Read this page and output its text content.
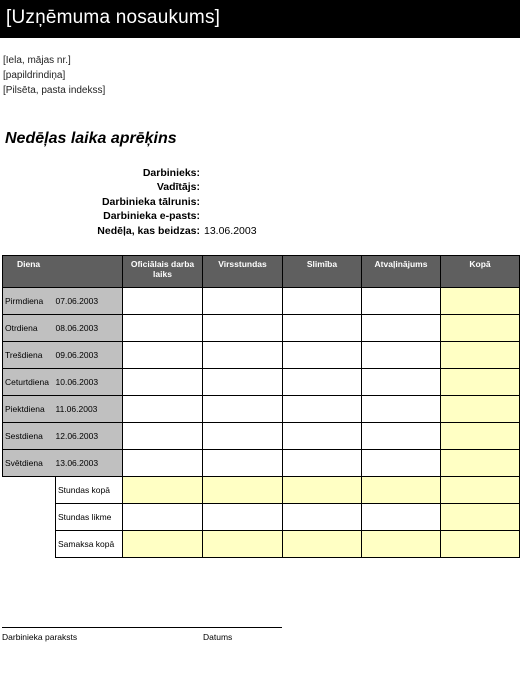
[Uzņēmuma nosaukums]
[Iela, mājas nr.]
[papildrindiņa]
[Pilsēta, pasta indekss]
Nedēļas laika aprēķins
Darbinieks:
Vadītājs:
Darbinieka tālrunis:
Darbinieka e-pasts:
Nedēļa, kas beidzas: 13.06.2003
Diena		Oficiālais darba laiks	Virsstundas	Slimība	Atvaļinājums	Kopā
Pirmdiena	07.06.2003					
Otrdiena	08.06.2003					
Trešdiena	09.06.2003					
Ceturtdiena	10.06.2003					
Piektdiena	11.06.2003					
Sestdiena	12.06.2003					
Svētdiena	13.06.2003					
	Stundas kopā					
	Stundas likme					
	Samaksa kopā					
Darbinieka paraksts	Datums
